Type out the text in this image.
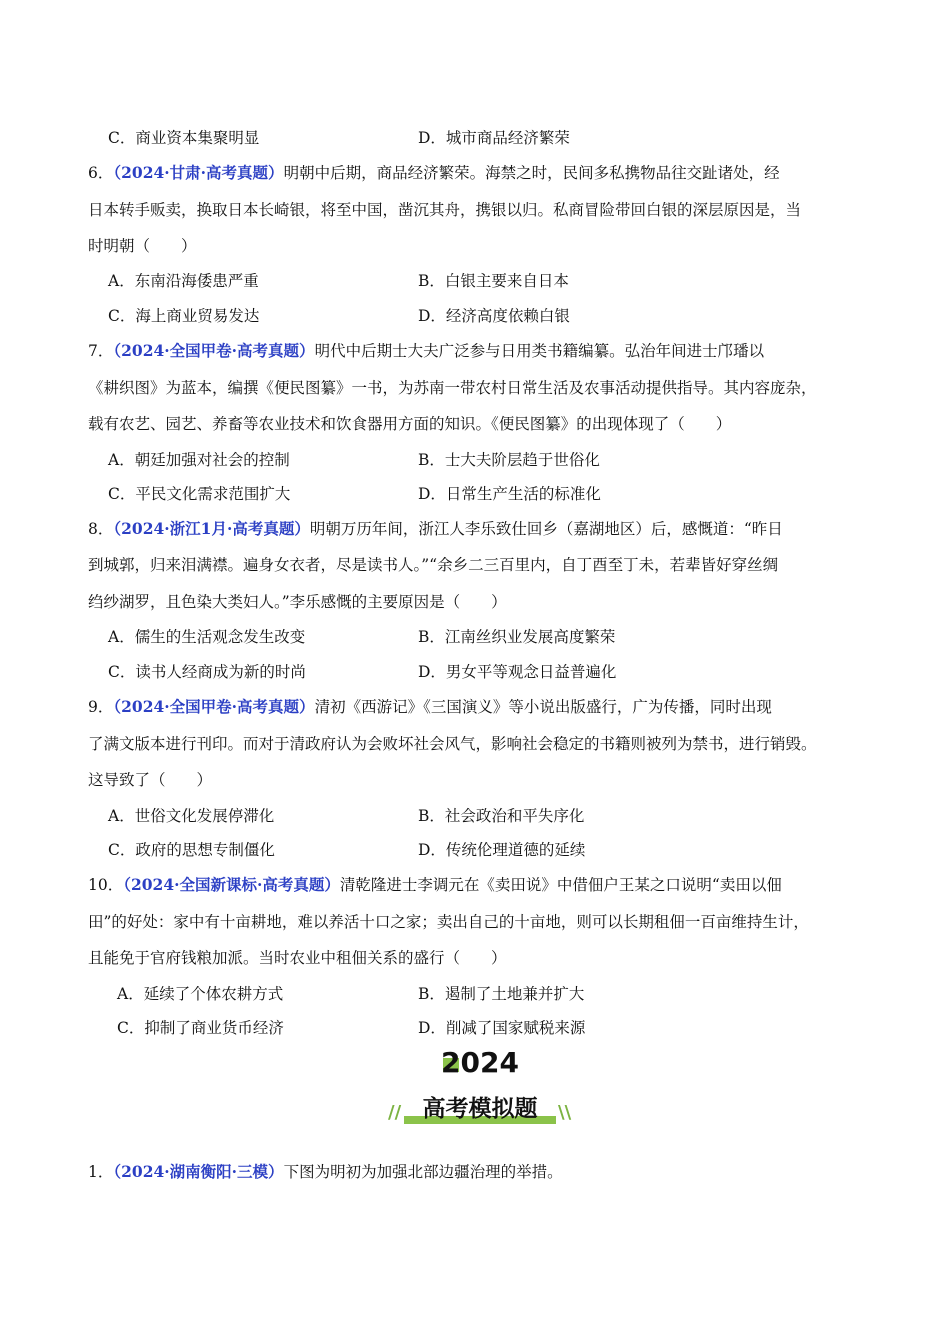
C．商业资本集聚明显	D．城市商品经济繁荣
6．（2024·甘肃·高考真题）明朝中后期，商品经济繁荣。海禁之时，民间多私携物品往交趾诸处，经
日本转手贩卖，换取日本长崎银，将至中国，凿沉其舟，携银以归。私商冒险带回白银的深层原因是，当
时明朝（　　）
A．东南沿海倭患严重	B．白银主要来自日本
C．海上商业贸易发达	D．经济高度依赖白银
7．（2024·全国甲卷·高考真题）明代中后期士大夫广泛参与日用类书籍编纂。弘治年间进士邝璠以
《耕织图》为蓝本，编撰《便民图纂》一书，为苏南一带农村日常生活及农事活动提供指导。其内容庞杂，
载有农艺、园艺、养畜等农业技术和饮食器用方面的知识。《便民图纂》的出现体现了（　　）
A．朝廷加强对社会的控制	B．士大夫阶层趋于世俗化
C．平民文化需求范围扩大	D．日常生产生活的标准化
8．（2024·浙江1月·高考真题）明朝万历年间，浙江人李乐致仕回乡（嘉湖地区）后，感慨道：“昨日
到城郭，归来泪满襟。遍身女衣者，尽是读书人。”“余乡二三百里内，自丁酉至丁未，若辈皆好穿丝绸
绉纱湖罗，且色染大类妇人。”李乐感慨的主要原因是（　　）
A．儒生的生活观念发生改变	B．江南丝织业发展高度繁荣
C．读书人经商成为新的时尚	D．男女平等观念日益普遍化
9．（2024·全国甲卷·高考真题）清初《西游记》《三国演义》等小说出版盛行，广为传播，同时出现
了满文版本进行刊印。而对于清政府认为会败坏社会风气，影响社会稳定的书籍则被列为禁书，进行销毁。
这导致了（　　）
A．世俗文化发展停滞化	B．社会政治和平失序化
C．政府的思想专制僵化	D．传统伦理道德的延续
10．（2024·全国新课标·高考真题）清乾隆进士李调元在《卖田说》中借佃户王某之口说明“卖田以佃
田”的好处：家中有十亩耕地，难以养活十口之家；卖出自己的十亩地，则可以长期租佃一百亩维持生计，
且能免于官府钱粮加派。当时农业中租佃关系的盛行（　　）
A．延续了个体农耕方式	B．遏制了土地兼并扩大
C．抑制了商业货币经济	D．削减了国家赋税来源
2024
// 高考模拟题	\\
1．（2024·湖南衡阳·三模）下图为明初为加强北部边疆治理的举措。
